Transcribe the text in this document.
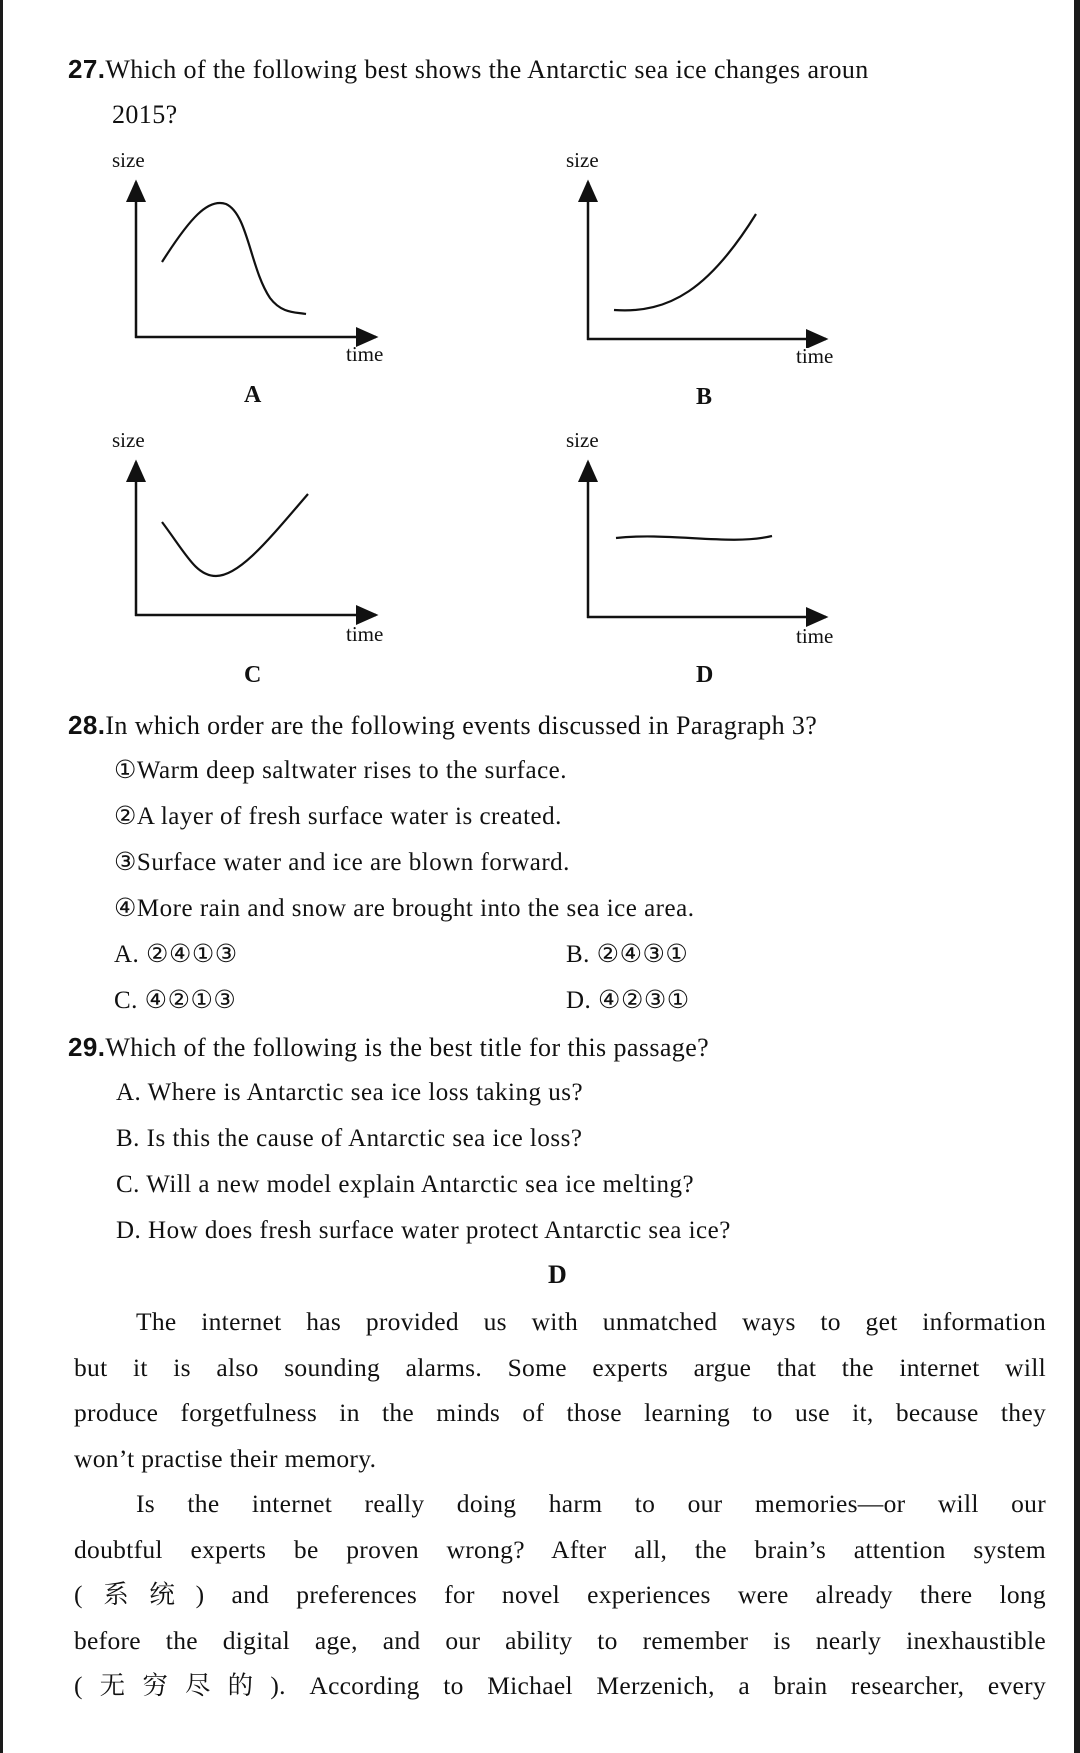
27.Which of the following best shows the Antarctic sea ice changes aroun
2015?
size
time
A
size
time
B
size
time
C
size
time
D
28.In which order are the following events discussed in Paragraph 3?
①Warm deep saltwater rises to the surface.
②A layer of fresh surface water is created.
③Surface water and ice are blown forward.
④More rain and snow are brought into the sea ice area.
A. ②④①③	B. ②④③①
C. ④②①③	D. ④②③①
29.Which of the following is the best title for this passage?
A. Where is Antarctic sea ice loss taking us?
B. Is this the cause of Antarctic sea ice loss?
C. Will a new model explain Antarctic sea ice melting?
D. How does fresh surface water protect Antarctic sea ice?
D
The internet has provided us with unmatched ways to get information
but it is also sounding alarms. Some experts argue that the internet will
produce forgetfulness in the minds of those learning to use it, because they
won’t practise their memory.
Is the internet really doing harm to our memories—or will our
doubtful experts be proven wrong? After all, the brain’s attention system
(系统) and preferences for novel experiences were already there long
before the digital age, and our ability to remember is nearly inexhaustible
(无穷尽的). According to Michael Merzenich, a brain researcher, every
